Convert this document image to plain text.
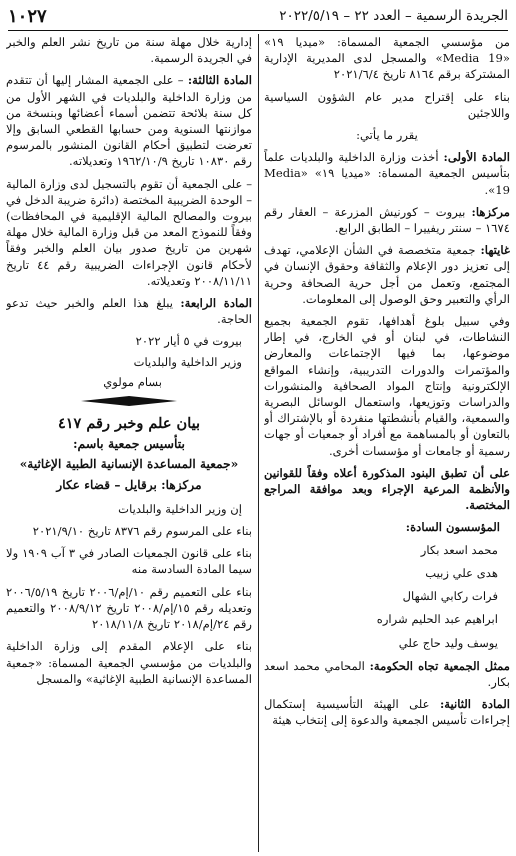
الجريدة الرسمية – العدد ٢٢ – ٢٠٢٢/٥/١٩
١٠٢٧

من مؤسسي الجمعية المسماة: «ميديا ١٩» «Media 19» والمسجل لدى المديرية الإدارية المشتركة برقم ٨١٦٤ تاريخ ٢٠٢١/٦/٤

بناء على إقتراح مدير عام الشؤون السياسية واللاجئين

يقرر ما يأتي:

المادة الأولى: أخذت وزارة الداخلية والبلديات علماً بتأسيس الجمعية المسماة: «ميديا ١٩» «Media 19».

مركزها: بيروت – كورنيش المزرعة – العقار رقم ١٦٧٤ – سنتر ريفييرا – الطابق الرابع.

غايتها: جمعية متخصصة في الشأن الإعلامي، تهدف إلى تعزيز دور الإعلام والثقافة وحقوق الإنسان في المجتمع، وتعمل من أجل حرية الصحافة وحرية الرأي والتعبير وحق الوصول إلى المعلومات.

وفي سبيل بلوغ أهدافها، تقوم الجمعية بجميع النشاطات، في لبنان أو في الخارج، في إطار موضوعها، بما فيها الإجتماعات والمعارض والمؤتمرات والدورات التدريبية، وإنشاء المواقع الإلكترونية وإنتاج المواد الصحافية والمنشورات والدراسات وتوزيعها، واستعمال الوسائل البصرية والسمعية، والقيام بأنشطتها منفردة أو بالإشتراك أو بالتعاون أو بالمساهمة مع أفراد أو جمعيات أو جهات رسمية أو جامعات أو مؤسسات أخرى.

على أن تطبق البنود المذكورة أعلاه وفقاً للقوانين والأنظمة المرعية الإجراء وبعد موافقة المراجع المختصة.

المؤسسون السادة:

محمد اسعد بكار
هدى علي زبيب
فرات ركابي الشهال
ابراهيم عبد الحليم شراره
يوسف وليد حاج علي

ممثل الجمعية تجاه الحكومة: المحامي محمد اسعد بكار.

المادة الثانية: على الهيئة التأسيسية إستكمال إجراءات تأسيس الجمعية والدعوة إلى إنتخاب هيئة

إدارية خلال مهلة سنة من تاريخ نشر العلم والخبر في الجريدة الرسمية.

المادة الثالثة: – على الجمعية المشار إليها أن تتقدم من وزارة الداخلية والبلديات في الشهر الأول من كل سنة بلائحة تتضمن أسماء أعضائها وبنسخة من موازنتها السنوية ومن حسابها القطعي السابق وإلا تعرضت لتطبيق أحكام القانون المنشور بالمرسوم رقم ١٠٨٣٠ تاريخ ١٩٦٢/١٠/٩ وتعديلاته.

– على الجمعية أن تقوم بالتسجيل لدى وزارة المالية – الوحدة الضريبية المختصة (دائرة ضريبة الدخل في بيروت والمصالح المالية الإقليمية في المحافظات) وفقاً للنموذج المعد من قبل وزارة المالية خلال مهلة شهرين من تاريخ صدور بيان العلم والخبر وفقاً لأحكام قانون الإجراءات الضريبية رقم ٤٤ تاريخ ٢٠٠٨/١١/١١ وتعديلاته.

المادة الرابعة: يبلغ هذا العلم والخبر حيث تدعو الحاجة.

بيروت في ٥ أيار ٢٠٢٢

وزير الداخلية والبلديات

بسام مولوي

بيان علم وخبر رقم ٤١٧
بتأسيس جمعية باسم:
«جمعية المساعدة الإنسانية الطبية الإغاثية»
مركزها: برقايل – قضاء عكار

إن وزير الداخلية والبلديات

بناء على المرسوم رقم ٨٣٧٦ تاريخ ٢٠٢١/٩/١٠

بناء على قانون الجمعيات الصادر في ٣ آب ١٩٠٩ ولا سيما المادة السادسة منه

بناء على التعميم رقم ١٠/إم/٢٠٠٦ تاريخ ٢٠٠٦/٥/١٩ وتعديله رقم ١٥/إم/٢٠٠٨ تاريخ ٢٠٠٨/٩/١٢ والتعميم رقم ٢٤/إم/٢٠١٨ تاريخ ٢٠١٨/١١/٨

بناء على الإعلام المقدم إلى وزارة الداخلية والبلديات من مؤسسي الجمعية المسماة: «جمعية المساعدة الإنسانية الطبية الإغاثية» والمسجل
